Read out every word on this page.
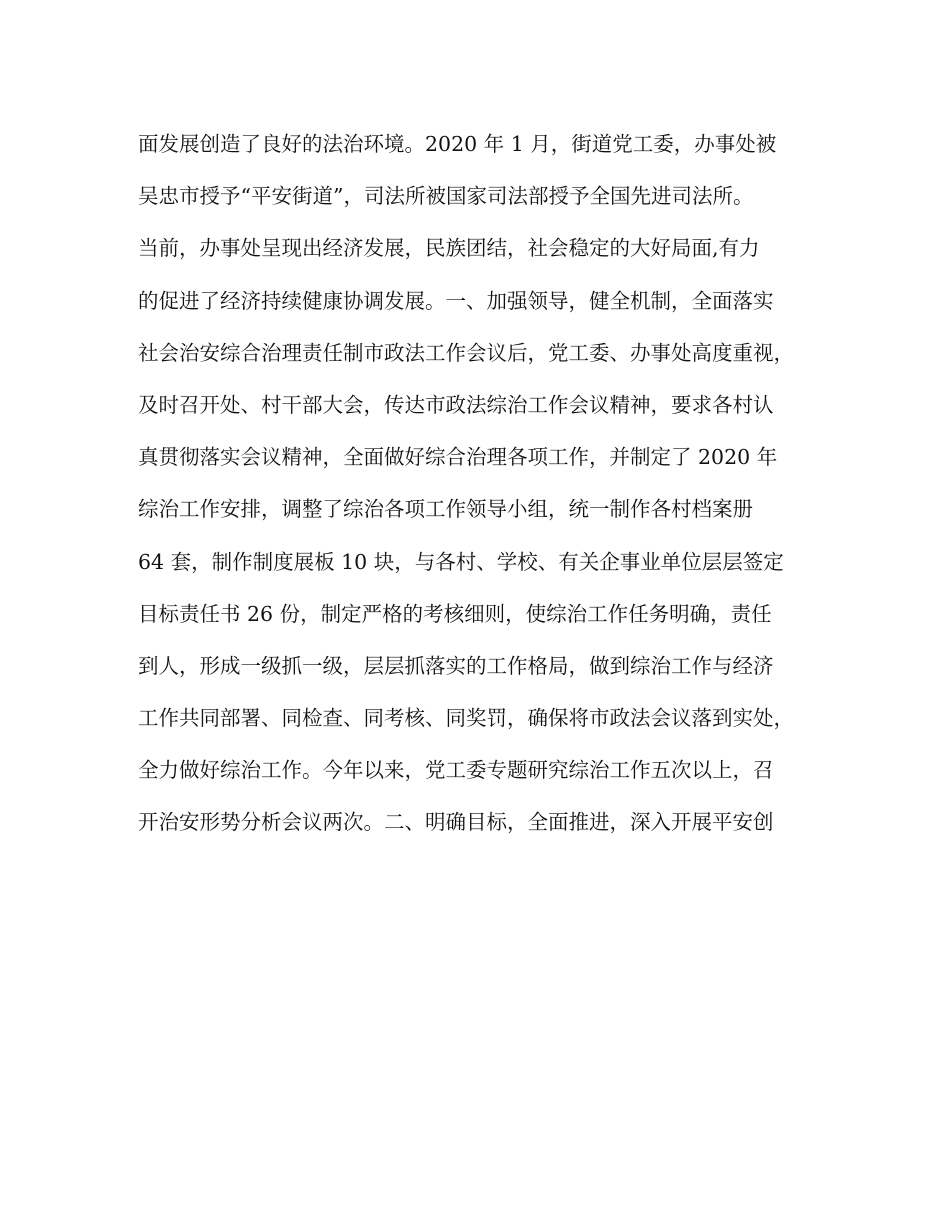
面发展创造了良好的法治环境。2020 年 1 月，街道党工委，办事处被
吴忠市授予“平安街道”，司法所被国家司法部授予全国先进司法所。
当前，办事处呈现出经济发展，民族团结，社会稳定的大好局面,有力
的促进了经济持续健康协调发展。一、加强领导，健全机制，全面落实
社会治安综合治理责任制市政法工作会议后，党工委、办事处高度重视，
及时召开处、村干部大会，传达市政法综治工作会议精神，要求各村认
真贯彻落实会议精神，全面做好综合治理各项工作，并制定了 2020 年
综治工作安排，调整了综治各项工作领导小组，统一制作各村档案册
64 套，制作制度展板 10 块，与各村、学校、有关企事业单位层层签定
目标责任书 26 份，制定严格的考核细则，使综治工作任务明确，责任
到人，形成一级抓一级，层层抓落实的工作格局，做到综治工作与经济
工作共同部署、同检查、同考核、同奖罚，确保将市政法会议落到实处，
全力做好综治工作。今年以来，党工委专题研究综治工作五次以上，召
开治安形势分析会议两次。二、明确目标，全面推进，深入开展平安创
